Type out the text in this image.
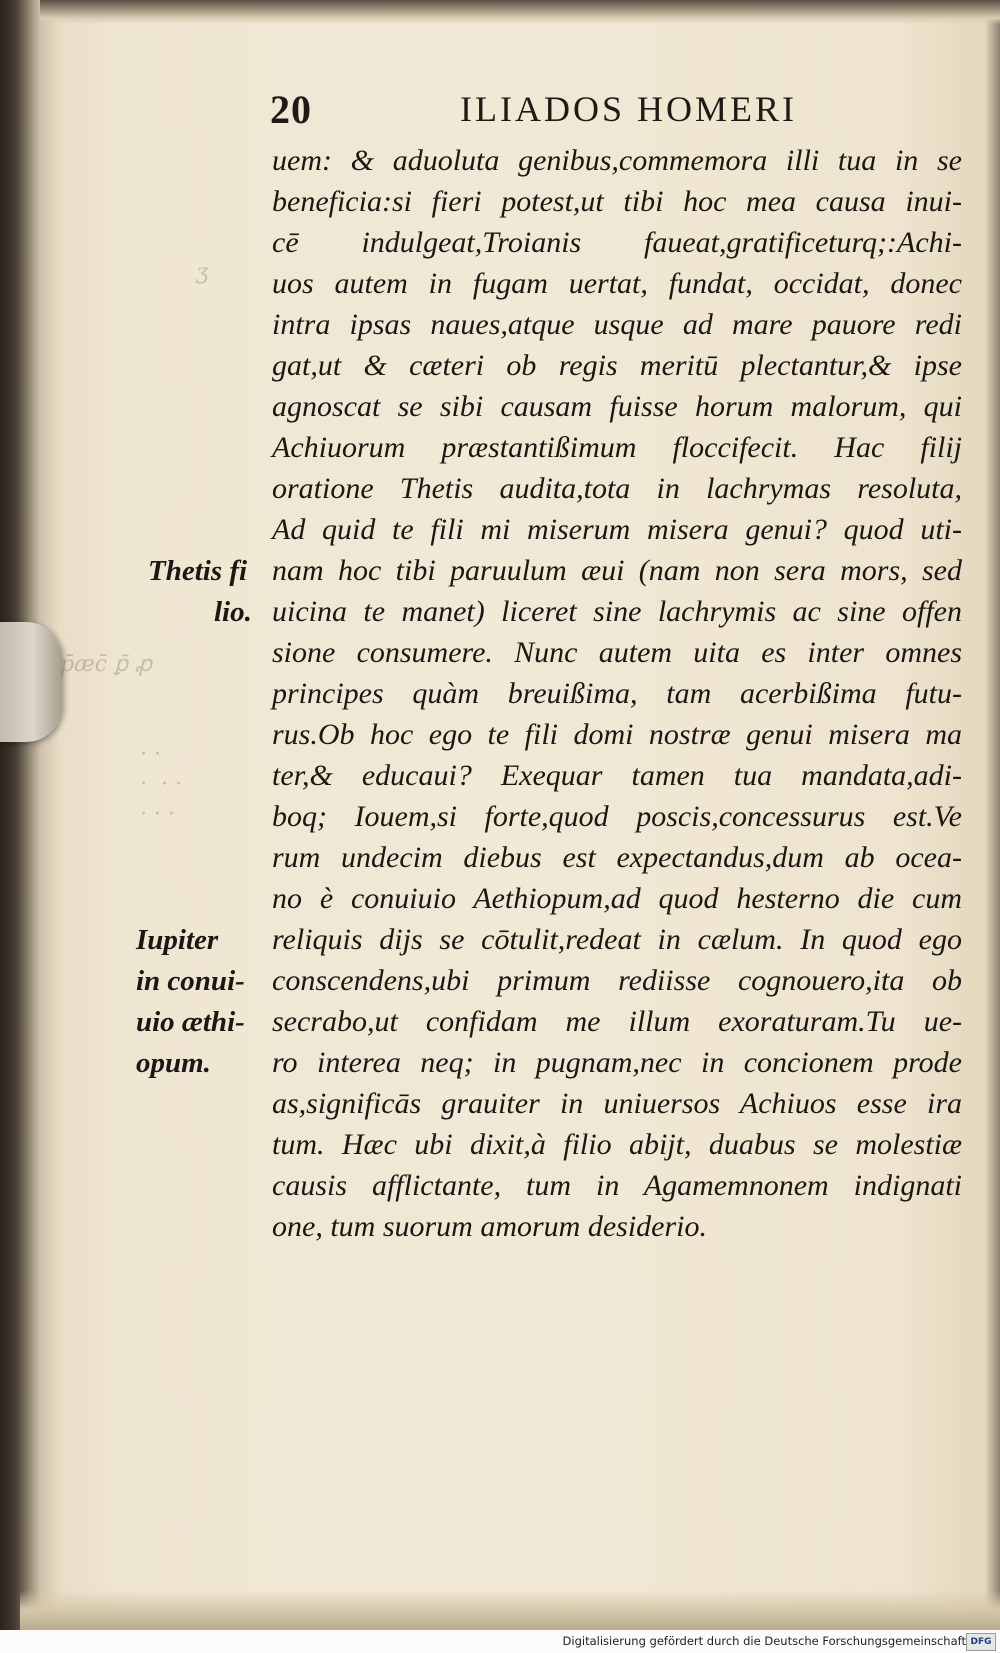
ʒ
p̄æc̄ ꝑ̄ ꝓ
· ·
·  · ·
· · ·
20	ILIADOS HOMERI
uem: & aduoluta genibus,commemora illi tua in se
beneficia:si fieri potest,ut tibi hoc mea causa inui-
cē indulgeat,Troianis faueat,gratificeturq;:Achi-
uos autem in fugam uertat, fundat, occidat, donec
intra ipsas naues,atque usque ad mare pauore redi
gat,ut & cæteri ob regis meritū plectantur,& ipse
agnoscat se sibi causam fuisse horum malorum, qui
Achiuorum præstantißimum floccifecit. Hac filij
oratione Thetis audita,tota in lachrymas resoluta,
Ad quid te fili mi miserum misera genui? quod uti-
nam hoc tibi paruulum æui (nam non sera mors, sed
uicina te manet) liceret sine lachrymis ac sine offen
sione consumere. Nunc autem uita es inter omnes
principes quàm breuißima, tam acerbißima futu-
rus.Ob hoc ego te fili domi nostræ genui misera ma
ter,& educaui? Exequar tamen tua mandata,adi-
boq; Iouem,si forte,quod poscis,concessurus est.Ve
rum undecim diebus est expectandus,dum ab ocea-
no è conuiuio Aethiopum,ad quod hesterno die cum
reliquis dijs se cōtulit,redeat in cælum. In quod ego
conscendens,ubi primum rediisse cognouero,ita ob
secrabo,ut confidam me illum exoraturam.Tu ue-
ro interea neq; in pugnam,nec in concionem prode
as,significās grauiter in uniuersos Achiuos esse ira
tum. Hæc ubi dixit,à filio abijt, duabus se molestiæ
causis afflictante, tum in Agamemnonem indignati
one, tum suorum amorum desiderio.
Thetis fi
lio.
Iupiter
in conui-
uio æthi-
opum.
Digitalisierung gefördert durch die Deutsche Forschungsgemeinschaft DFG
